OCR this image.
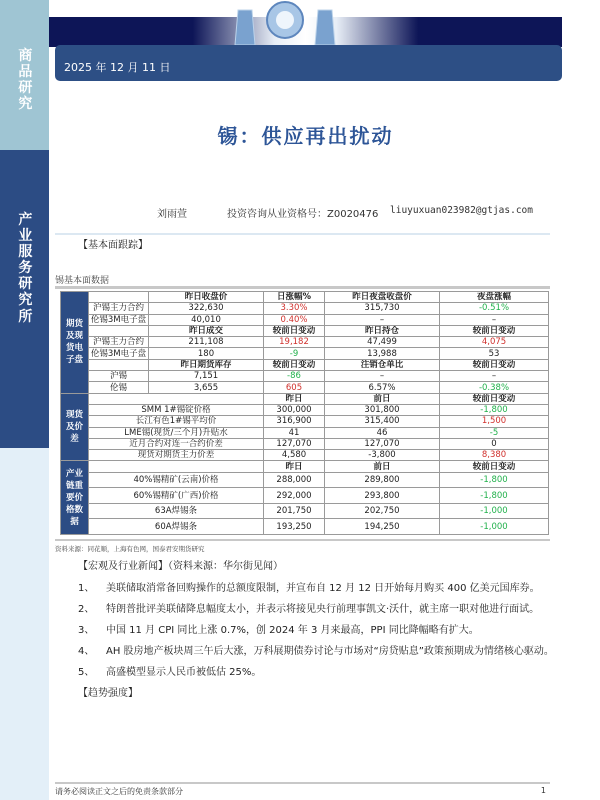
商品研究
产业服务研究所
2025 年 12 月 11 日
锡：供应再出扰动
刘雨萱	投资咨询从业资格号：Z0020476 liuyuxuan023982@gtjas.com
【基本面跟踪】
锡基本面数据
期货及现货电子盘		昨日收盘价	日涨幅%	昨日夜盘收盘价	夜盘涨幅
	沪锡主力合约	322,630	3.30%	315,730	-0.51%
	伦锡3M电子盘	40,010	0.40%	–	–
		昨日成交	较前日变动	昨日持仓	较前日变动
	沪锡主力合约	211,108	19,182	47,499	4,075
	伦锡3M电子盘	180	-9	13,988	53
		昨日期货库存	较前日变动	注销仓单比	较前日变动
	沪锡	7,151	-86	–	–
	伦锡	3,655	605	6.57%	-0.38%
现货及价差			昨日	前日	较前日变动
	SMM 1#锡锭价格		300,000	301,800	-1,800
	长江有色1#锡平均价		316,900	315,400	1,500
	LME锡(现货/三个月)升贴水		41	46	-5
	近月合约对连一合约价差		127,070	127,070	0
	现货对期货主力价差		4,580	-3,800	8,380
产业链重要价格数据			昨日	前日	较前日变动
	40%锡精矿(云南)价格		288,000	289,800	-1,800
	60%锡精矿(广西)价格		292,000	293,800	-1,800
	63A焊锡条		201,750	202,750	-1,000
	60A焊锡条		193,250	194,250	-1,000
资料来源：同花顺，上海有色网，国泰君安期货研究
【宏观及行业新闻】（资料来源：华尔街见闻）
1、	美联储取消常备回购操作的总额度限制，并宣布自 12 月 12 日开始每月购买 400 亿美元国库券。
2、	特朗普批评美联储降息幅度太小，并表示将接见央行前理事凯文·沃什，就主席一职对他进行面试。
3、	中国 11 月 CPI 同比上涨 0.7%，创 2024 年 3 月来最高，PPI 同比降幅略有扩大。
4、	AH 股房地产板块周三午后大涨，万科展期债券讨论与市场对“房贷贴息”政策预期成为情绪核心驱动。
5、	高盛模型显示人民币被低估 25%。
【趋势强度】
请务必阅读正文之后的免责条款部分	1
